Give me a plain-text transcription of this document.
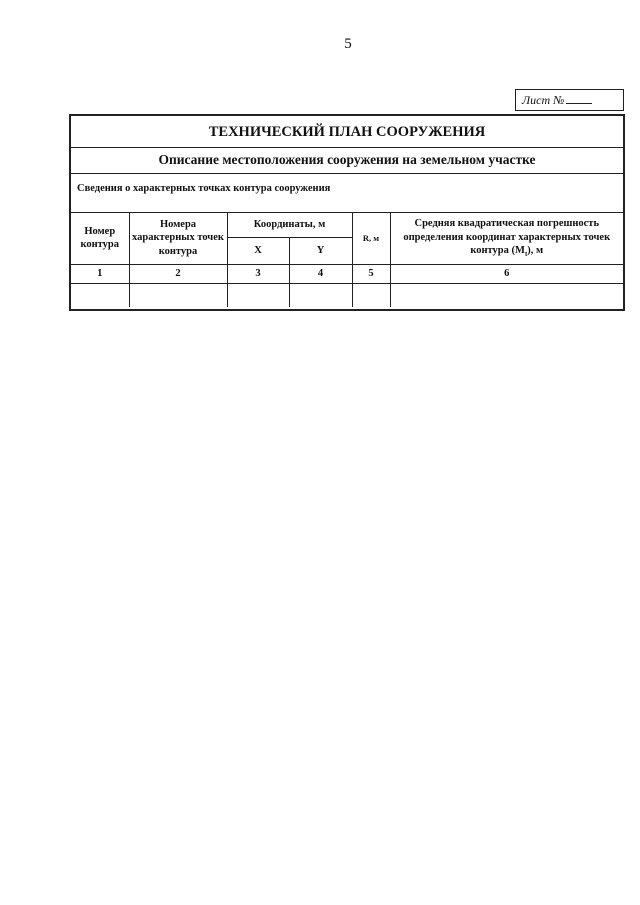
5
Лист №
ТЕХНИЧЕСКИЙ ПЛАН СООРУЖЕНИЯ
Описание местоположения сооружения на земельном участке
Сведения о характерных точках контура сооружения
Номер контура	Номера характерных точек контура	Координаты, м		R, м	Средняя квадратическая погрешность определения координат характерных точек контура $(M_t)$, м
		X	Y		
1	2	3	4	5	6
